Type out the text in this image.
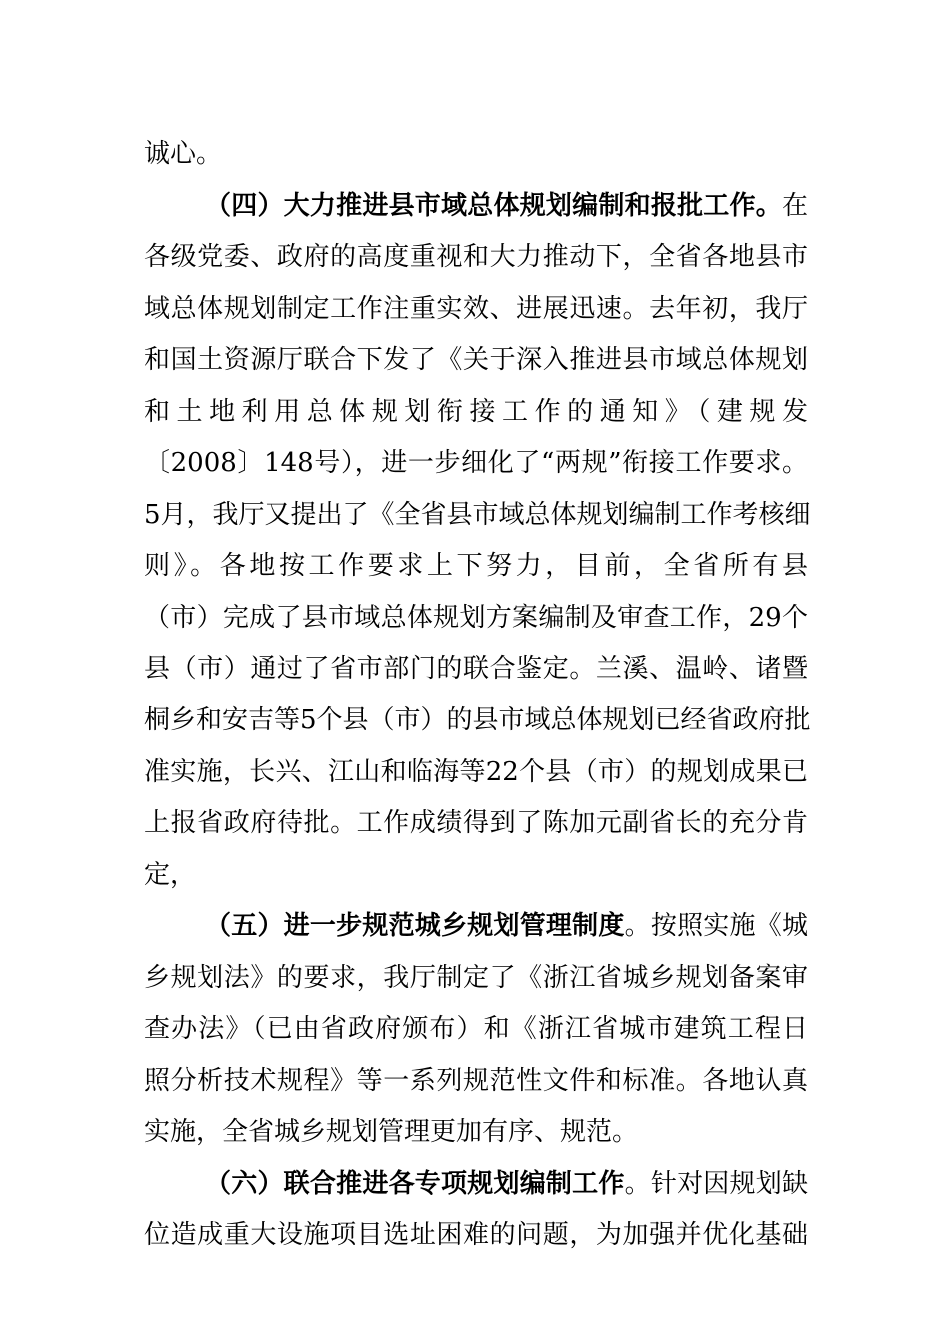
诚心。
（四）大力推进县市域总体规划编制和报批工作。在
各级党委、政府的高度重视和大力推动下，全省各地县市
域总体规划制定工作注重实效、进展迅速。去年初，我厅
和国土资源厅联合下发了《关于深入推进县市域总体规划
和土地利用总体规划衔接工作的通知》（建规发
〔2008〕148号），进一步细化了“两规”衔接工作要求。
5月，我厅又提出了《全省县市域总体规划编制工作考核细
则》。各地按工作要求上下努力，目前，全省所有县
（市）完成了县市域总体规划方案编制及审查工作，29个
县（市）通过了省市部门的联合鉴定。兰溪、温岭、诸暨
桐乡和安吉等5个县（市）的县市域总体规划已经省政府批
准实施，长兴、江山和临海等22个县（市）的规划成果已
上报省政府待批。工作成绩得到了陈加元副省长的充分肯
定，
（五）进一步规范城乡规划管理制度。按照实施《城
乡规划法》的要求，我厅制定了《浙江省城乡规划备案审
查办法》（已由省政府颁布）和《浙江省城市建筑工程日
照分析技术规程》等一系列规范性文件和标准。各地认真
实施，全省城乡规划管理更加有序、规范。
（六）联合推进各专项规划编制工作。针对因规划缺
位造成重大设施项目选址困难的问题，为加强并优化基础
